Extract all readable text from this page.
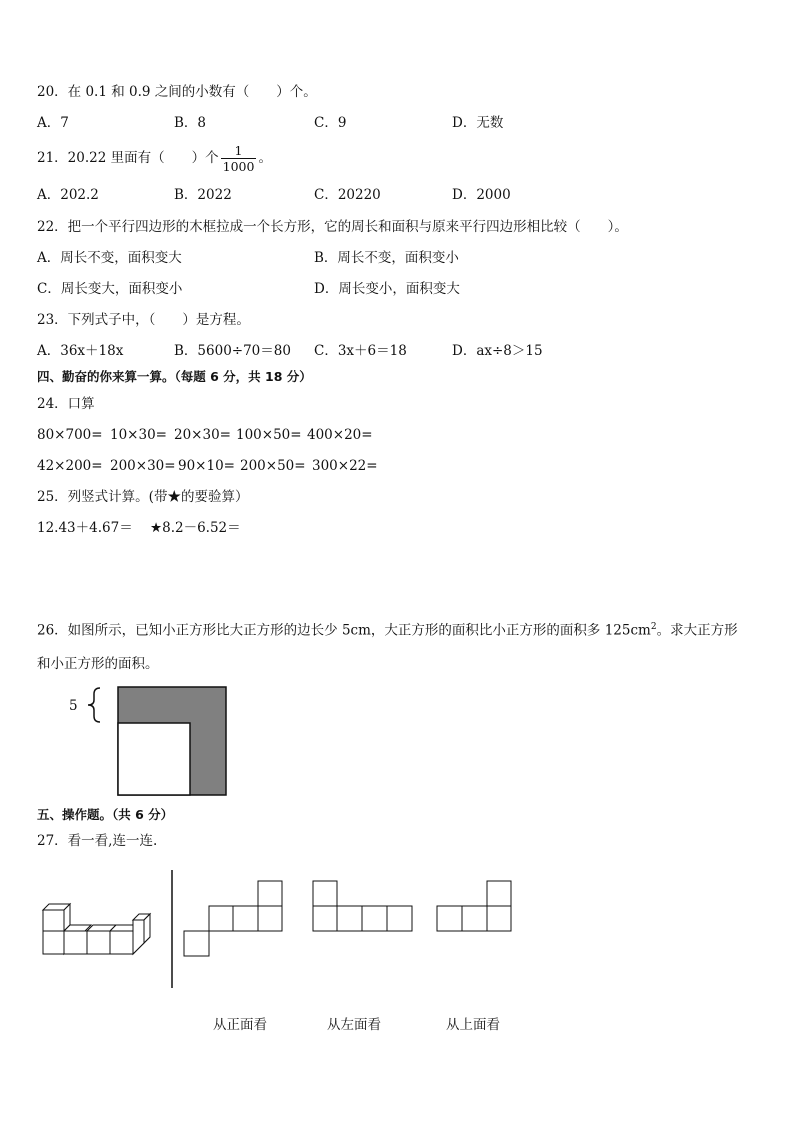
20．在 0.1 和 0.9 之间的小数有（　　）个。
A．7	B．8	C．9	D．无数
21．20.22 里面有（　　）个 $\frac{1}{1000}$ 。
A．202.2	B．2022	C．20220	D．2000
22．把一个平行四边形的木框拉成一个长方形，它的周长和面积与原来平行四边形相比较（　　）。
A．周长不变，面积变大	B．周长不变，面积变小
C．周长变大，面积变小	D．周长变小，面积变大
23．下列式子中，（　　）是方程。
A．36x＋18x	B．5600÷70＝80 C．3x＋6＝18	D．ax÷8＞15
四、勤奋的你来算一算。（每题 6 分，共 18 分）
24．口算
80×700= 10×30= 20×30= 100×50= 400×20=
42×200= 200×30= 90×10= 200×50= 300×22=
25．列竖式计算。(带★的要验算）
12.43＋4.67＝ ★8.2－6.52＝
26．如图所示，已知小正方形比大正方形的边长少 5cm，大正方形的面积比小正方形的面积多 $125cm^2$。求大正方形
和小正方形的面积。
5
五、操作题。（共 6 分）
27．看一看,连一连.
从正面看	从左面看	从上面看
